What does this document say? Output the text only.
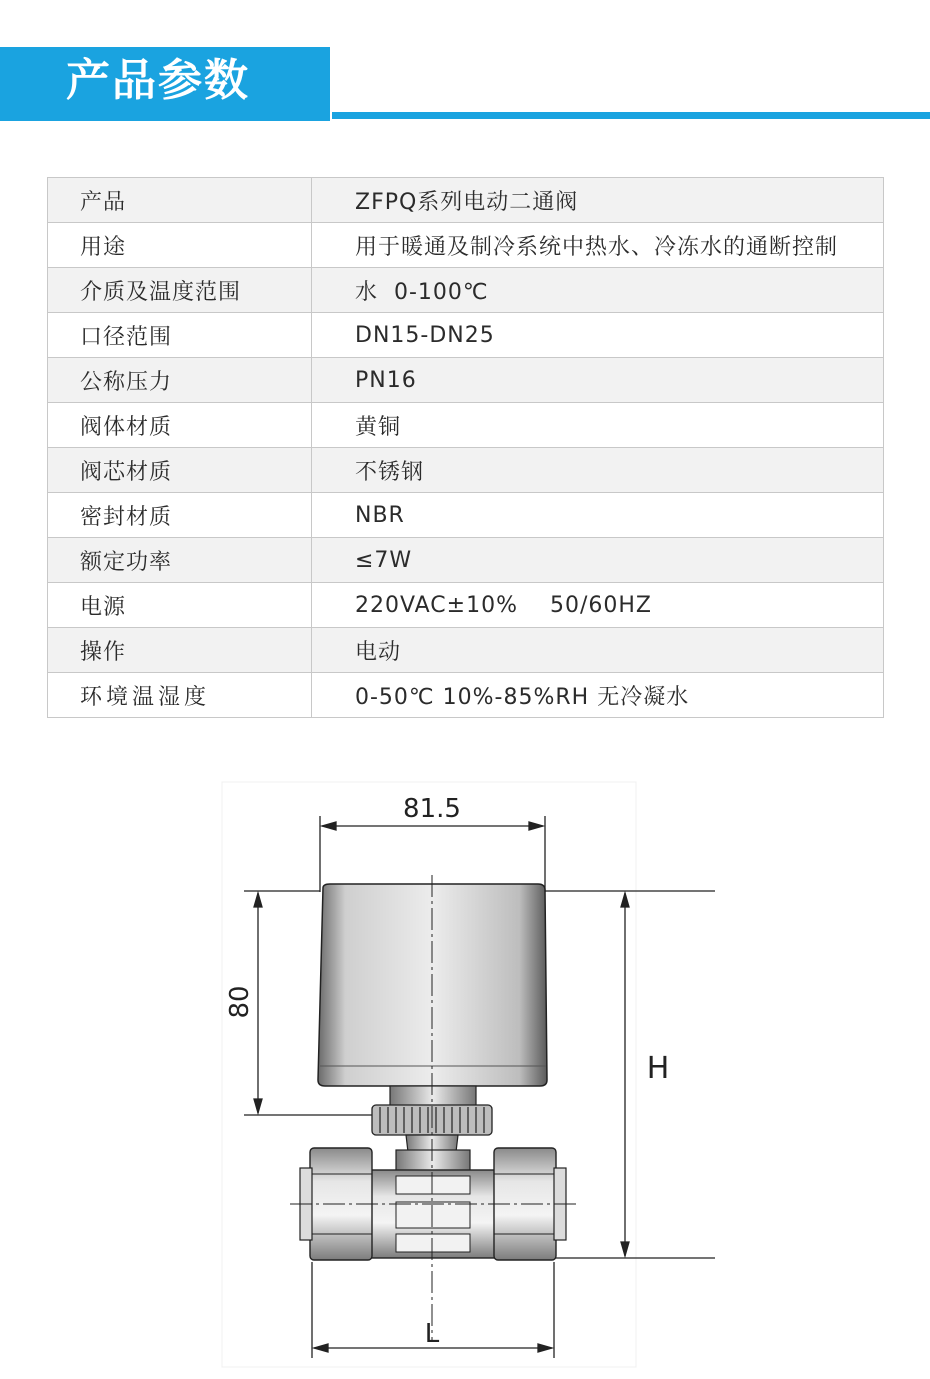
产品参数
产品	ZFPQ系列电动二通阀
用途	用于暖通及制冷系统中热水、冷冻水的通断控制
介质及温度范围	水  0-100℃
口径范围	DN15-DN25
公称压力	PN16
阀体材质	黄铜
阀芯材质	不锈钢
密封材质	NBR
额定功率	≤7W
电源	220VAC±10%    50/60HZ
操作	电动
环境温湿度	0-50℃ 10%-85%RH 无冷凝水
81.5
80
H
L
